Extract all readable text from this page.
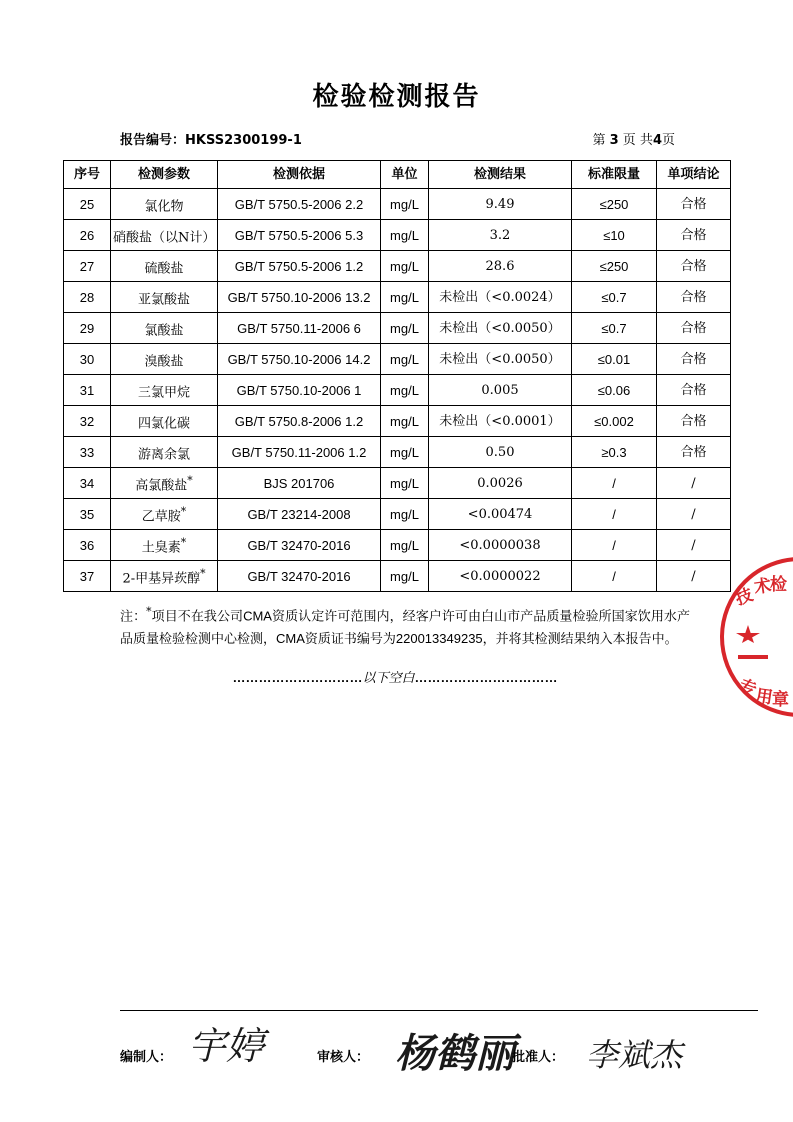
检验检测报告
报告编号：HKSS2300199-1	第 3 页 共4页
序号	检测参数	检测依据	单位	检测结果	标准限量	单项结论
25	氯化物	GB/T 5750.5-2006 2.2	mg/L	9.49	≤250	合格
26	硝酸盐（以N计）	GB/T 5750.5-2006 5.3	mg/L	3.2	≤10	合格
27	硫酸盐	GB/T 5750.5-2006 1.2	mg/L	28.6	≤250	合格
28	亚氯酸盐	GB/T 5750.10-2006 13.2	mg/L	未检出（<0.0024）	≤0.7	合格
29	氯酸盐	GB/T 5750.11-2006 6	mg/L	未检出（<0.0050）	≤0.7	合格
30	溴酸盐	GB/T 5750.10-2006 14.2	mg/L	未检出（<0.0050）	≤0.01	合格
31	三氯甲烷	GB/T 5750.10-2006 1	mg/L	0.005	≤0.06	合格
32	四氯化碳	GB/T 5750.8-2006 1.2	mg/L	未检出（<0.0001）	≤0.002	合格
33	游离余氯	GB/T 5750.11-2006 1.2	mg/L	0.50	≥0.3	合格
34	高氯酸盐*	BJS 201706	mg/L	0.0026	/	/
35	乙草胺*	GB/T 23214-2008	mg/L	<0.00474	/	/
36	土臭素*	GB/T 32470-2016	mg/L	<0.0000038	/	/
37	2-甲基异莰醇*	GB/T 32470-2016	mg/L	<0.0000022	/	/
注：*项目不在我公司CMA资质认定许可范围内，经客户许可由白山市产品质量检验所国家饮用水产品质量检验检测中心检测，CMA资质证书编号为220013349235，并将其检测结果纳入本报告中。
…………………………以下空白……………………………
技
术
检
专
用
章
编制人： 宇婷	审核人： 杨鹤丽
批准人： 李斌杰
